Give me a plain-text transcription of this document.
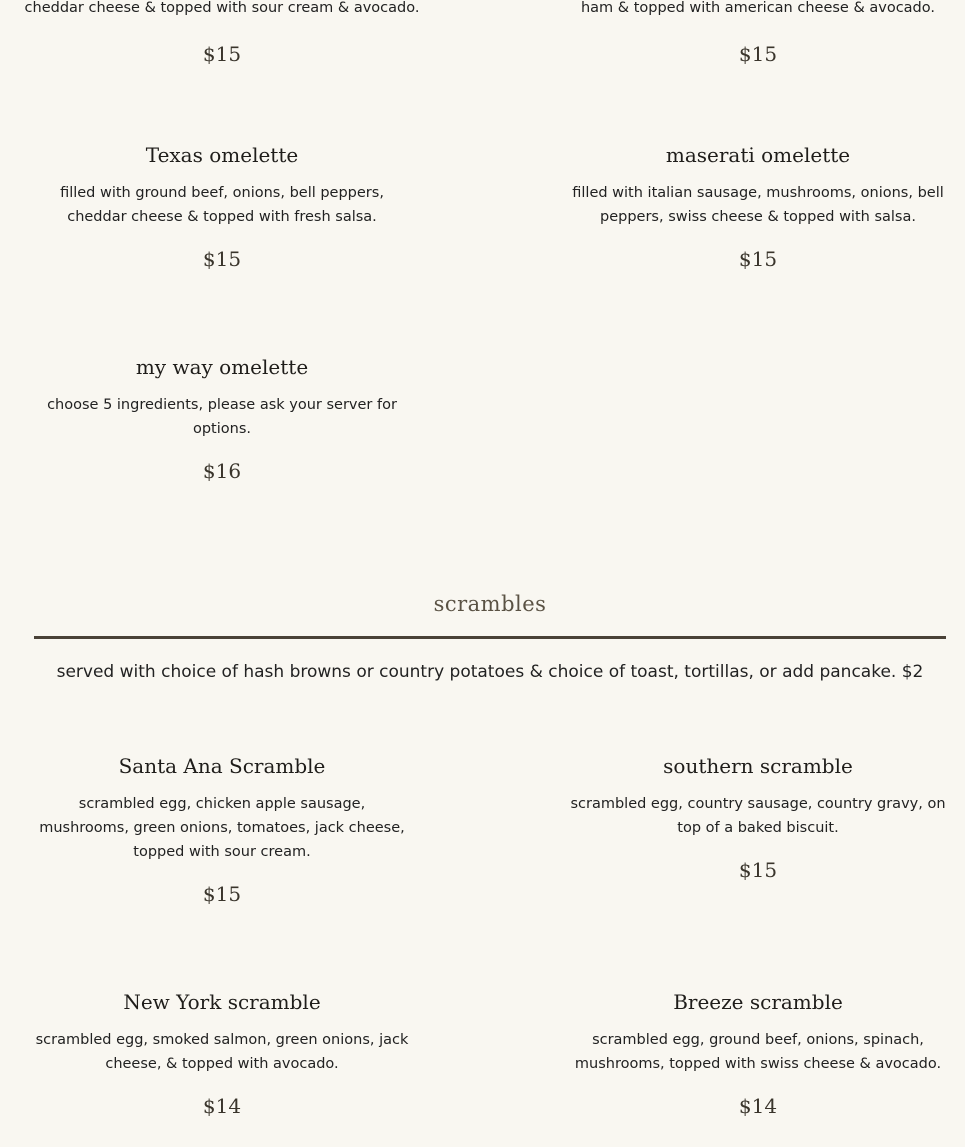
cheddar cheese & topped with sour cream & avocado.
$15
ham & topped with american cheese & avocado.
$15
Texas omelette

filled with ground beef, onions, bell peppers, cheddar cheese & topped with fresh salsa.

$15
maserati omelette

filled with italian sausage, mushrooms, onions, bell peppers, swiss cheese & topped with salsa.

$15
my way omelette

choose 5 ingredients, please ask your server for options.

$16
scrambles
served with choice of hash browns or country potatoes & choice of toast, tortillas, or add pancake. $2
Santa Ana Scramble

scrambled egg, chicken apple sausage, mushrooms, green onions, tomatoes, jack cheese, topped with sour cream.

$15
southern scramble

scrambled egg, country sausage, country gravy, on top of a baked biscuit.

$15
New York scramble

scrambled egg, smoked salmon, green onions, jack cheese, & topped with avocado.

$14
Breeze scramble

scrambled egg, ground beef, onions, spinach, mushrooms, topped with swiss cheese & avocado.

$14
